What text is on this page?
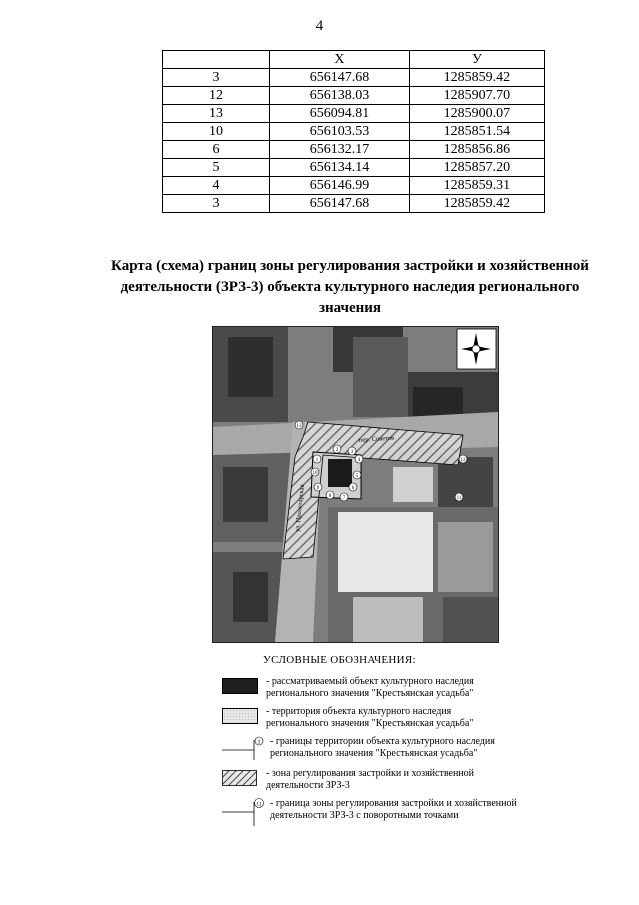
4
	X	У
3	656147.68	1285859.42
12	656138.03	1285907.70
13	656094.81	1285900.07
10	656103.53	1285851.54
6	656132.17	1285856.86
5	656134.14	1285857.20
4	656146.99	1285859.31
3	656147.68	1285859.42
Карта (схема) границ зоны регулирования застройки и хозяйственной деятельности (ЗРЗ-3) объекта культурного наследия регионального значения
пер. Советов
ул. Пролетарская
1
2	3
4
5
6
7
8
9
10
11
12
13
УСЛОВНЫЕ ОБОЗНАЧЕНИЯ:
- рассматриваемый объект культурного наследия регионального значения "Крестьянская усадьба"
- территория объекта культурного наследия регионального значения "Крестьянская усадьба"
1 - границы территории объекта культурного наследия регионального значения "Крестьянская усадьба"
- зона регулирования застройки и хозяйственной деятельности ЗРЗ-3
11 - граница зоны регулирования застройки и хозяйственной деятельности ЗРЗ-3 с поворотными точками
